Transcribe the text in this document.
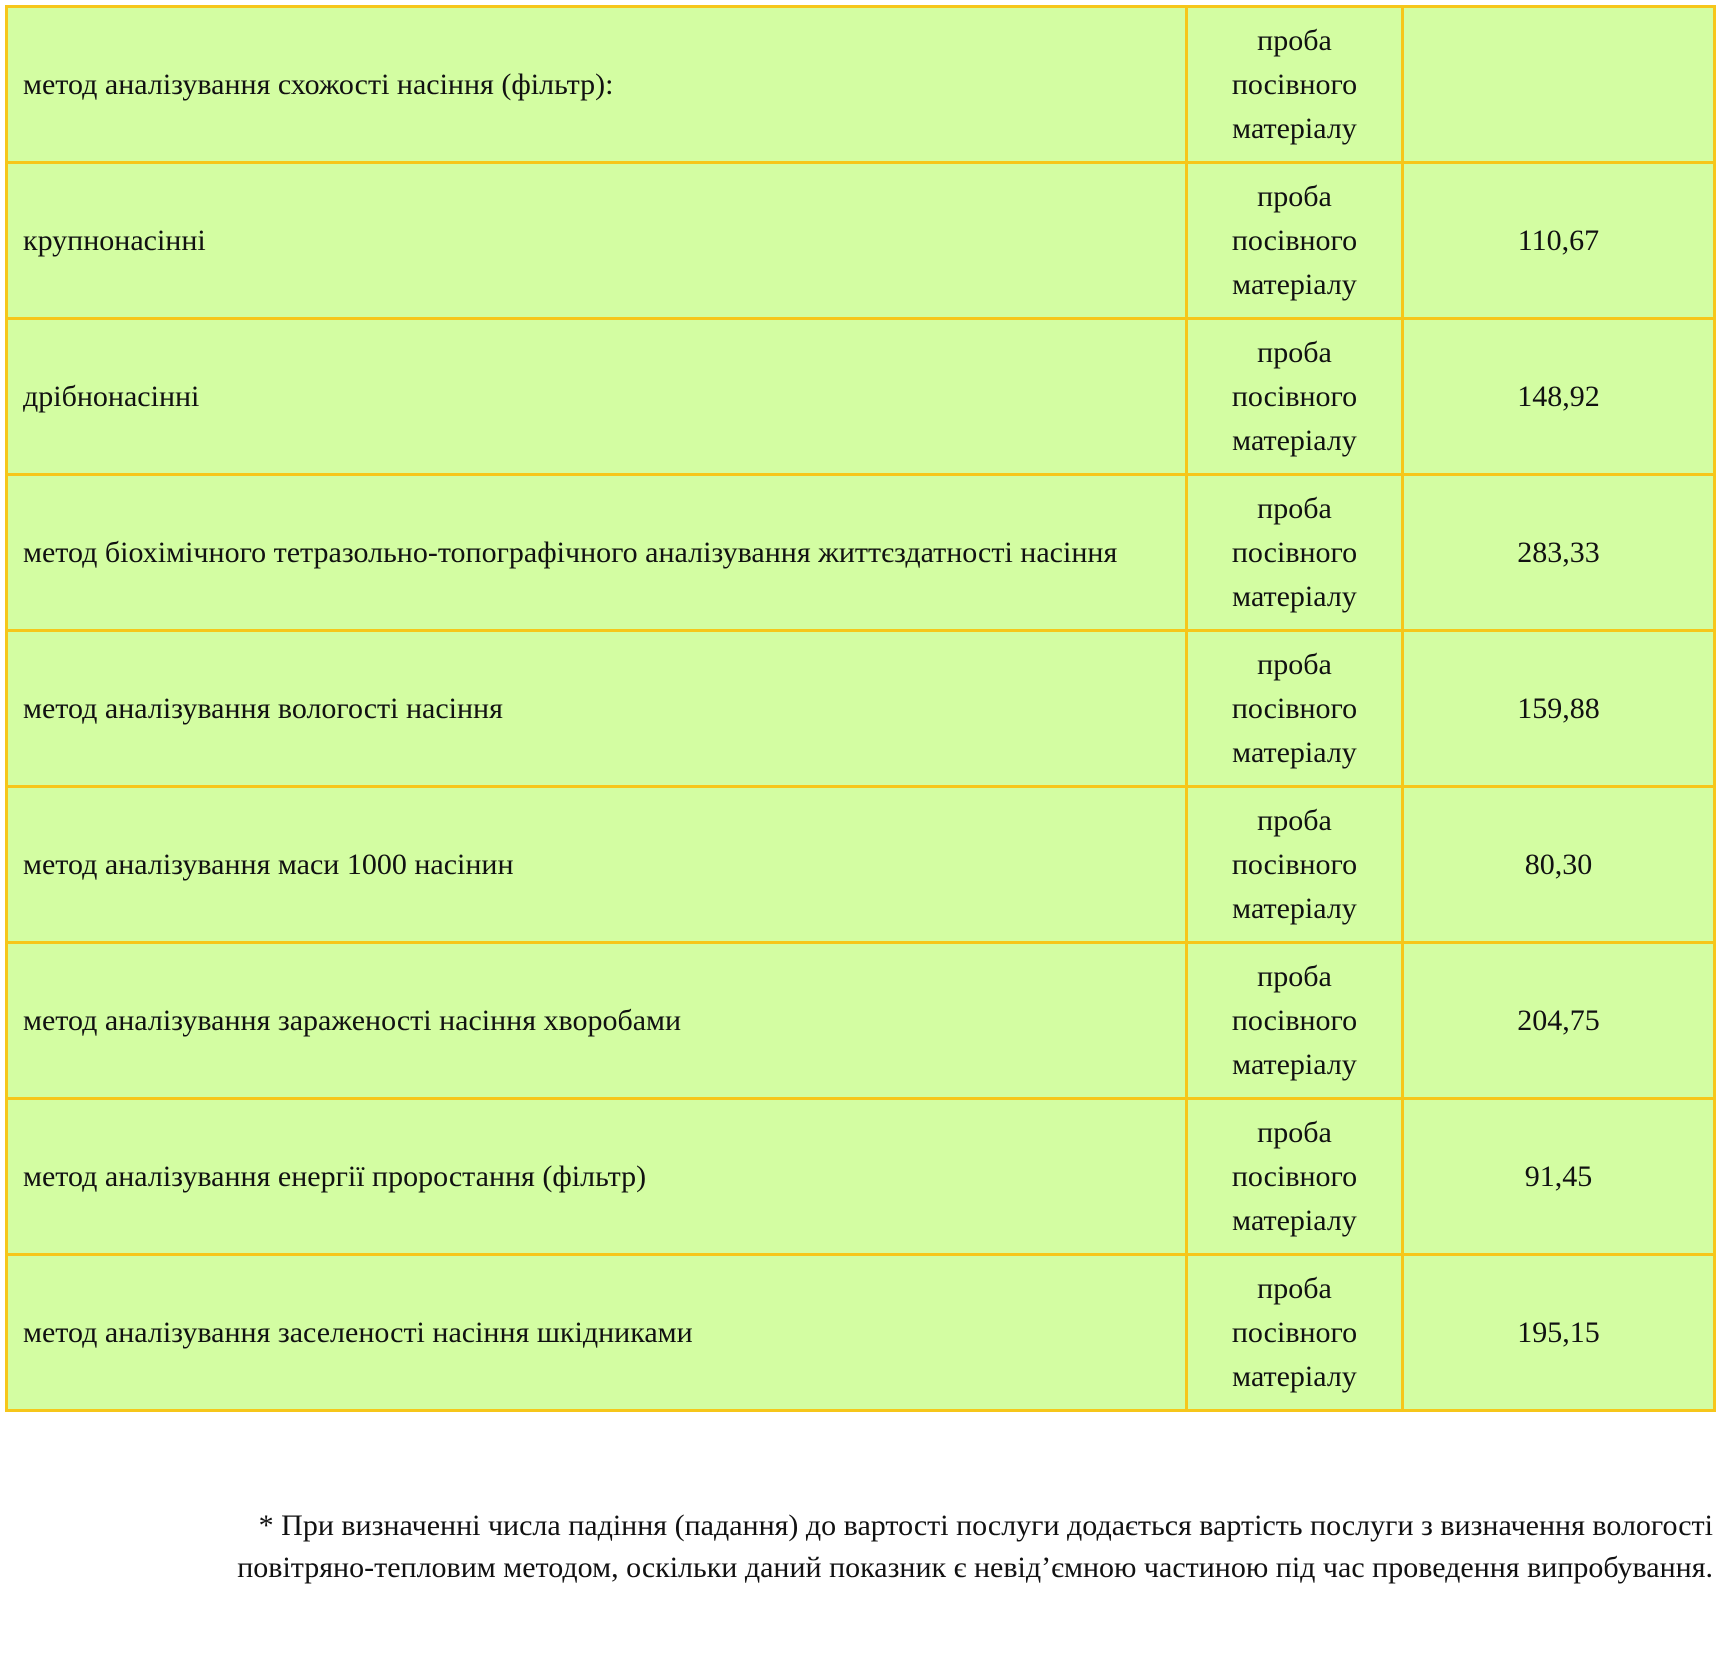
метод аналізування схожості насіння (фільтр):	проба
посівного
матеріалу	

крупнонасінні	проба
посівного
матеріалу	110,67
дрібнонасінні	проба
посівного
матеріалу	148,92
метод біохімічного тетразольно-топографічного аналізування життєздатності насіння	проба
посівного
матеріалу	283,33
метод аналізування вологості насіння	проба
посівного
матеріалу	159,88
метод аналізування маси 1000 насінин	проба
посівного
матеріалу	80,30
метод аналізування зараженості насіння хворобами	проба
посівного
матеріалу	204,75
метод аналізування енергії проростання (фільтр)	проба
посівного
матеріалу	91,45
метод аналізування заселеності насіння шкідниками	проба
посівного
матеріалу	195,15
* При визначенні числа падіння (падання) до вартості послуги додається вартість послуги з визначення вологості
повітряно-тепловим методом, оскільки даний показник є невід’ємною частиною під час проведення випробування.
